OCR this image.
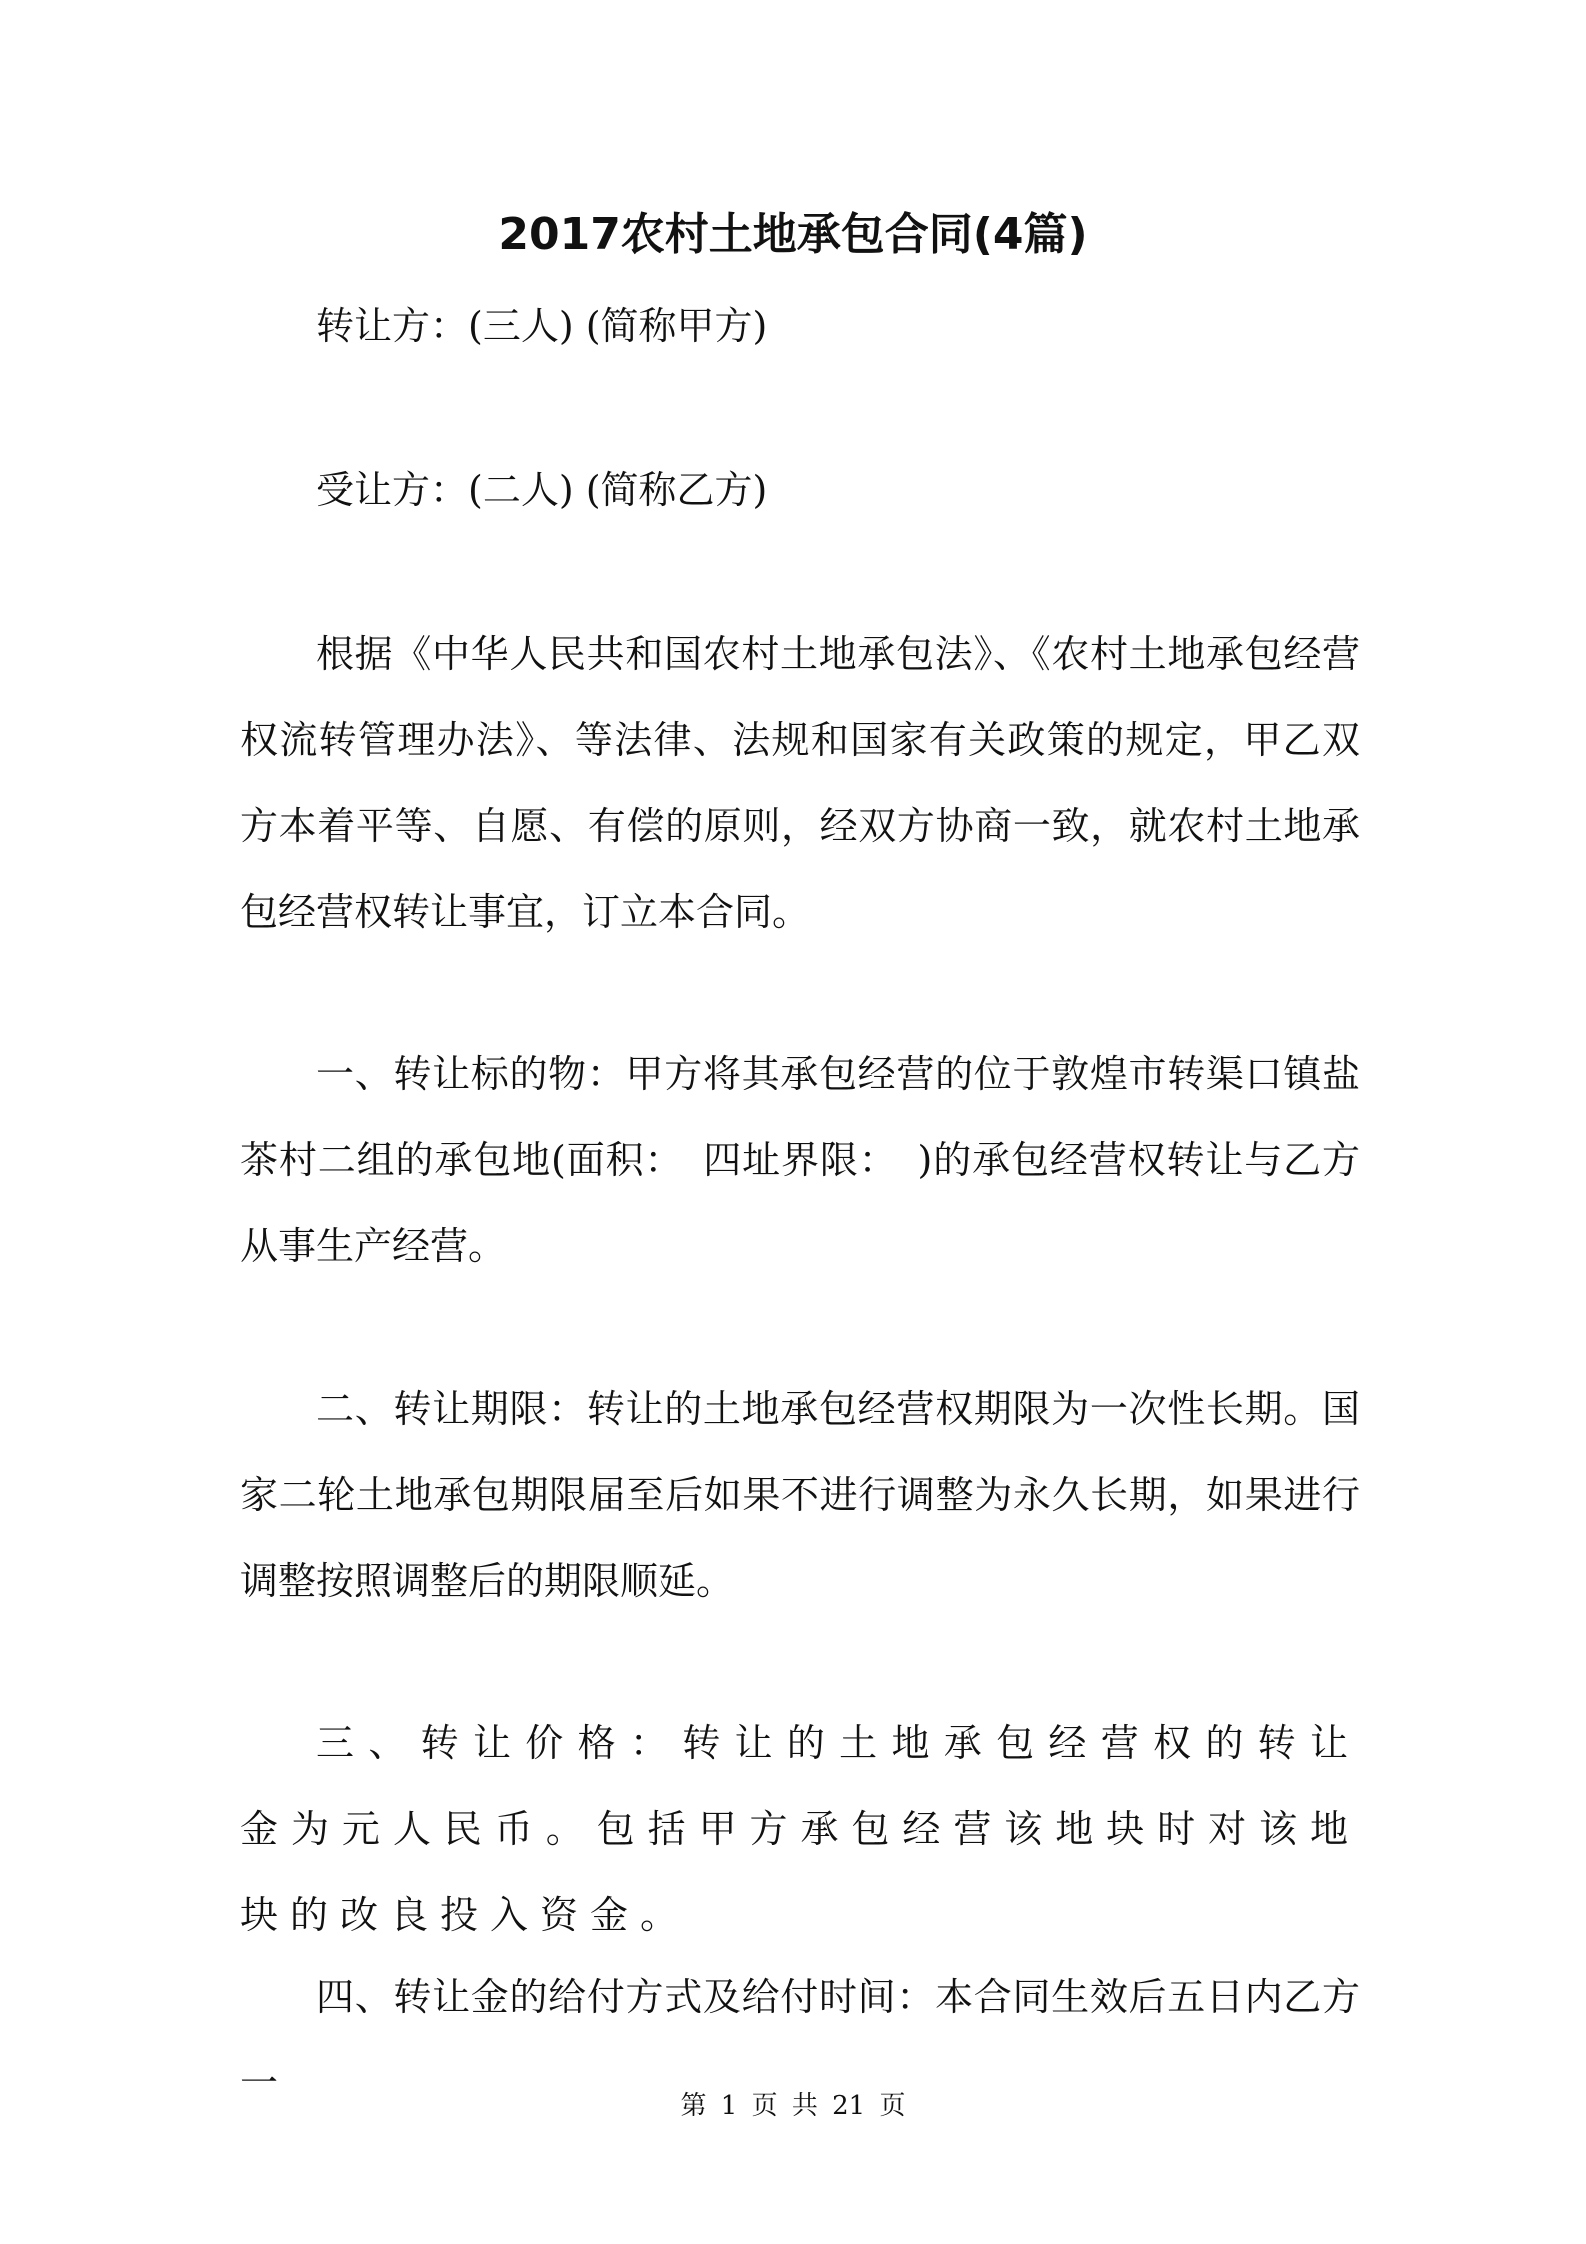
2017农村土地承包合同(4篇)

转让方：(三人) (简称甲方)

受让方：(二人) (简称乙方)

根据《中华人民共和国农村土地承包法》、《农村土地承包经营权流转管理办法》、等法律、法规和国家有关政策的规定，甲乙双方本着平等、自愿、有偿的原则，经双方协商一致，就农村土地承包经营权转让事宜，订立本合同。

一、转让标的物：甲方将其承包经营的位于敦煌市转渠口镇盐茶村二组的承包地(面积：　四址界限：　)的承包经营权转让与乙方从事生产经营。

二、转让期限：转让的土地承包经营权期限为一次性长期。国家二轮土地承包期限届至后如果不进行调整为永久长期，如果进行调整按照调整后的期限顺延。

三、转让价格：转让的土地承包经营权的转让金为元人民币。包括甲方承包经营该地块时对该地块的改良投入资金。

四、转让金的给付方式及给付时间：本合同生效后五日内乙方一

第 1 页 共 21 页
